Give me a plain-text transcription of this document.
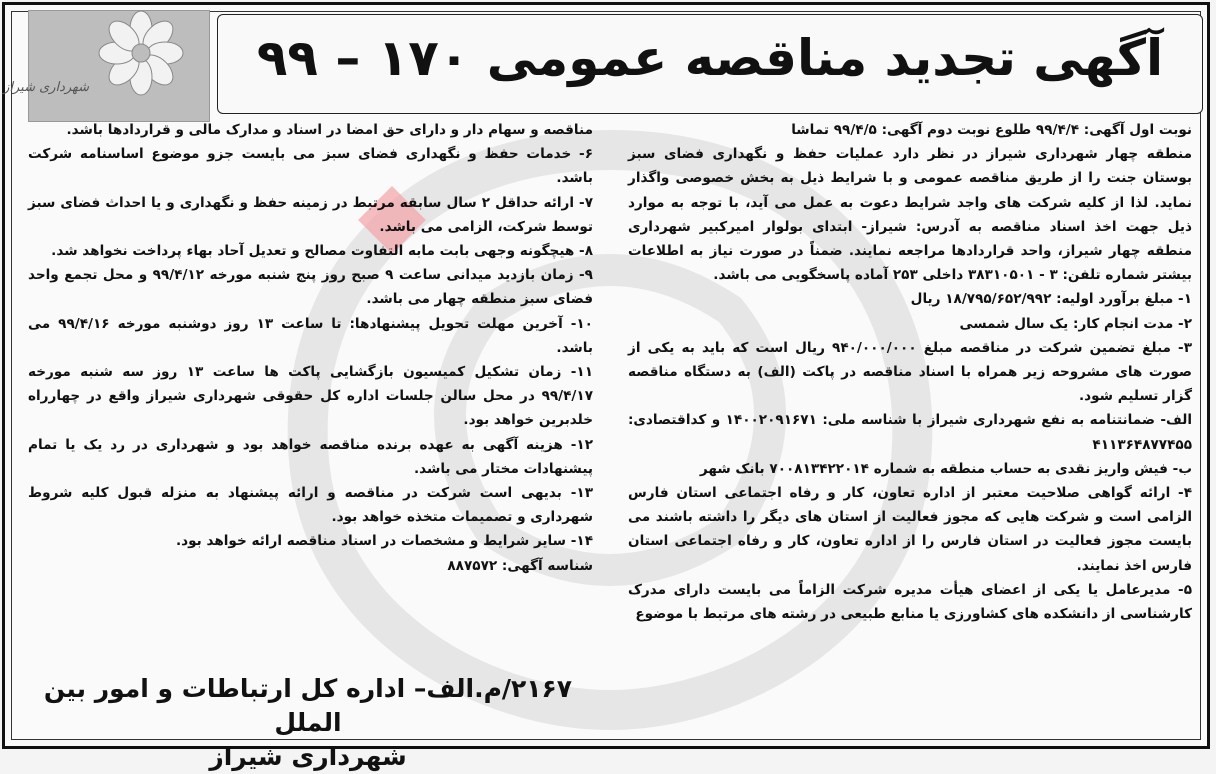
شهرداری شیراز
آگهی تجدید مناقصه عمومی ۱۷۰ – ۹۹

نوبت اول آگهی: ۹۹/۴/۴ طلوع نوبت دوم آگهی: ۹۹/۴/۵ تماشا

منطقه چهار شهرداری شیراز در نظر دارد عملیات حفظ و نگهداری فضای سبز بوستان جنت را از طریق مناقصه عمومی و با شرایط ذیل به بخش خصوصی واگذار نماید. لذا از کلیه شرکت های واجد شرایط دعوت به عمل می آید، با توجه به موارد ذیل جهت اخذ اسناد مناقصه به آدرس: شیراز- ابتدای بولوار امیرکبیر شهرداری منطقه چهار شیراز، واحد قراردادها مراجعه نمایند. ضمناً در صورت نیاز به اطلاعات بیشتر شماره تلفن: ۳ - ۳۸۳۱۰۵۰۱ داخلی ۲۵۳ آماده پاسخگویی می باشد.

۱- مبلغ برآورد اولیه: ۱۸/۷۹۵/۶۵۲/۹۹۲ ریال

۲- مدت انجام کار: یک سال شمسی

۳- مبلغ تضمین شرکت در مناقصه مبلغ ۹۴۰/۰۰۰/۰۰۰ ریال است که باید به یکی از صورت های مشروحه زیر همراه با اسناد مناقصه در پاکت (الف) به دستگاه مناقصه گزار تسلیم شود.

الف- ضمانتنامه به نفع شهرداری شیراز با شناسه ملی: ۱۴۰۰۲۰۹۱۶۷۱ و کداقتصادی: ۴۱۱۳۶۴۸۷۷۴۵۵

ب- فیش واریز نقدی به حساب منطقه به شماره ۷۰۰۸۱۳۴۲۲۰۱۴ بانک شهر

۴- ارائه گواهی صلاحیت معتبر از اداره تعاون، کار و رفاه اجتماعی استان فارس الزامی است و شرکت هایی که مجوز فعالیت از استان های دیگر را داشته باشند می بایست مجوز فعالیت در استان فارس را از اداره تعاون، کار و رفاه اجتماعی استان فارس اخذ نمایند.

۵- مدیرعامل یا یکی از اعضای هیأت مدیره شرکت الزاماً می بایست دارای مدرک کارشناسی از دانشکده های کشاورزی یا منابع طبیعی در رشته های مرتبط با موضوع

مناقصه و سهام دار و دارای حق امضا در اسناد و مدارک مالی و قراردادها باشد.

۶- خدمات حفظ و نگهداری فضای سبز می بایست جزو موضوع اساسنامه شرکت باشد.

۷- ارائه حداقل ۲ سال سابقه مرتبط در زمینه حفظ و نگهداری و یا احداث فضای سبز توسط شرکت، الزامی می باشد.

۸- هیچگونه وجهی بابت مابه التفاوت مصالح و تعدیل آحاد بهاء پرداخت نخواهد شد.

۹- زمان بازدید میدانی ساعت ۹ صبح روز پنج شنبه مورخه ۹۹/۴/۱۲ و محل تجمع واحد فضای سبز منطقه چهار می باشد.

۱۰- آخرین مهلت تحویل پیشنهادها: تا ساعت ۱۳ روز دوشنبه مورخه ۹۹/۴/۱۶ می باشد.

۱۱- زمان تشکیل کمیسیون بازگشایی پاکت ها ساعت ۱۳ روز سه شنبه مورخه ۹۹/۴/۱۷ در محل سالن جلسات اداره کل حقوقی شهرداری شیراز واقع در چهارراه خلدبرین خواهد بود.

۱۲- هزینه آگهی به عهده برنده مناقصه خواهد بود و شهرداری در رد یک یا تمام پیشنهادات مختار می باشد.

۱۳- بدیهی است شرکت در مناقصه و ارائه پیشنهاد به منزله قبول کلیه شروط شهرداری و تصمیمات متخذه خواهد بود.

۱۴- سایر شرایط و مشخصات در اسناد مناقصه ارائه خواهد بود.

شناسه آگهی: ۸۸۷۵۷۲

۲۱۶۷/م.الف– اداره کل ارتباطات و امور بین الملل
شهرداری شیراز
